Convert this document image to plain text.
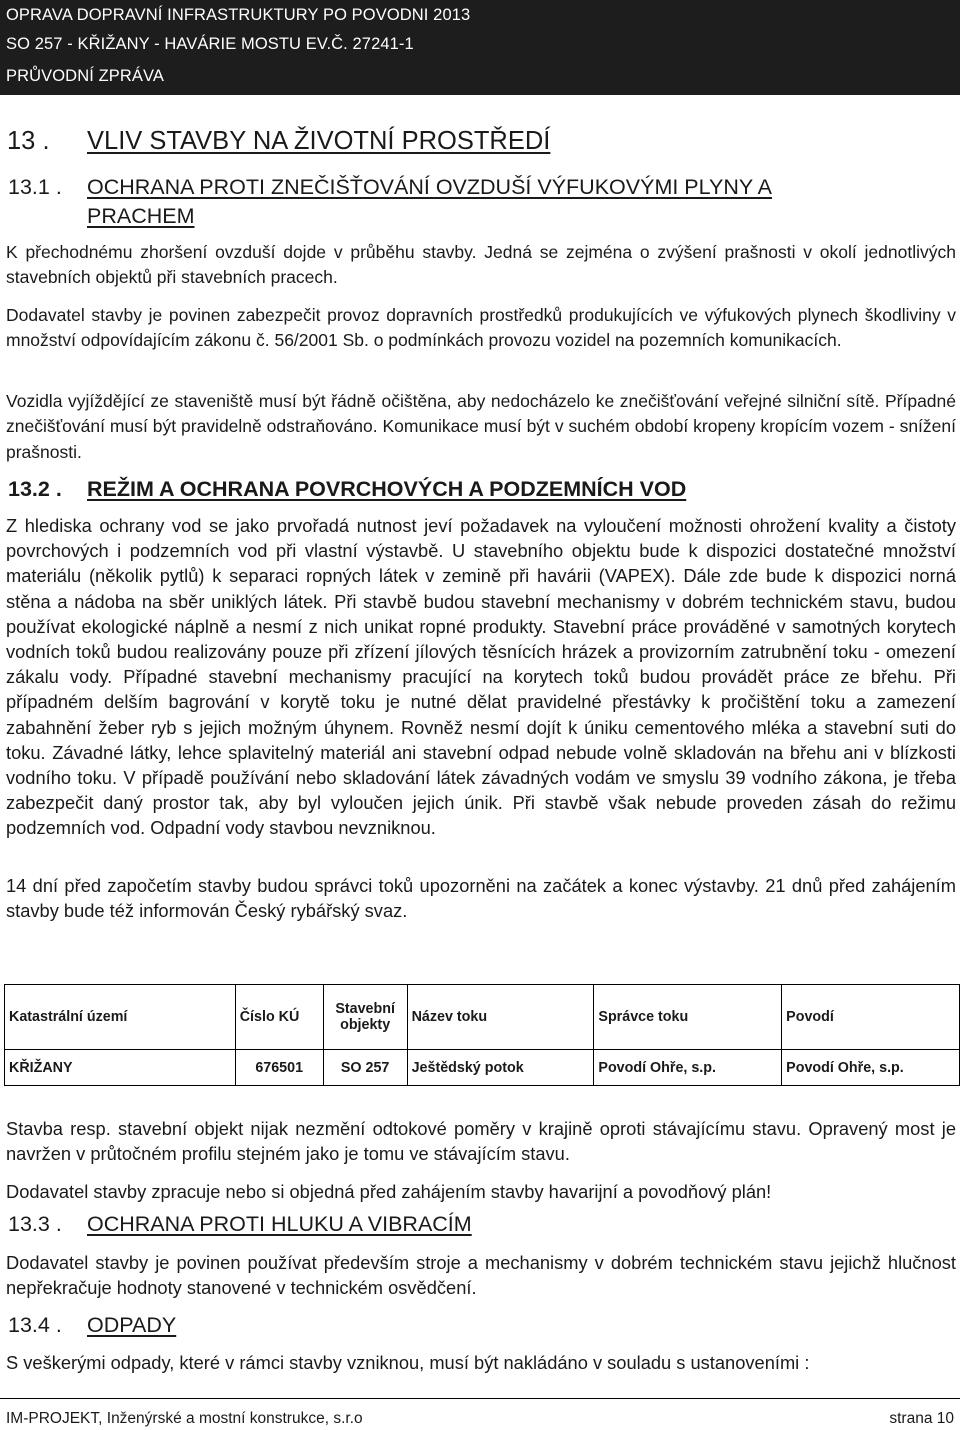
OPRAVA DOPRAVNÍ INFRASTRUKTURY PO POVODNI 2013
SO 257 - KŘIŽANY - HAVÁRIE MOSTU EV.Č. 27241-1
PRŮVODNÍ ZPRÁVA
13 . VLIV STAVBY NA ŽIVOTNÍ PROSTŘEDÍ
13.1 . OCHRANA PROTI ZNEČIŠŤOVÁNÍ OVZDUŠÍ VÝFUKOVÝMI PLYNY A
PRACHEM

K přechodnému zhoršení ovzduší dojde v průběhu stavby. Jedná se zejména o zvýšení prašnosti v okolí jednotlivých stavebních objektů při stavebních pracech.

Dodavatel stavby je povinen zabezpečit provoz dopravních prostředků produkujících ve výfukových plynech škodliviny v množství odpovídajícím zákonu č. 56/2001 Sb. o podmínkách provozu vozidel na pozemních komunikacích.

Vozidla vyjíždějící ze staveniště musí být řádně očištěna, aby nedocházelo ke znečišťování veřejné silniční sítě. Případné znečišťování musí být pravidelně odstraňováno. Komunikace musí být v suchém období kropeny kropícím vozem - snížení prašnosti.

13.2 . REŽIM A OCHRANA POVRCHOVÝCH A PODZEMNÍCH VOD

Z hlediska ochrany vod se jako prvořadá nutnost jeví požadavek na vyloučení možnosti ohrožení kvality a čistoty povrchových i podzemních vod při vlastní výstavbě. U stavebního objektu bude k dispozici dostatečné množství materiálu (několik pytlů) k separaci ropných látek v zemině při havárii (VAPEX). Dále zde bude k dispozici norná stěna a nádoba na sběr uniklých látek. Při stavbě budou stavební mechanismy v dobrém technickém stavu, budou používat ekologické náplně a nesmí z nich unikat ropné produkty. Stavební práce prováděné v samotných korytech vodních toků budou realizovány pouze při zřízení jílových těsnících hrázek a provizorním zatrubnění toku - omezení zákalu vody. Případné stavební mechanismy pracující na korytech toků budou provádět práce ze břehu. Při případném delším bagrování v korytě toku je nutné dělat pravidelné přestávky k pročištění toku a zamezení zabahnění žeber ryb s jejich možným úhynem. Rovněž nesmí dojít k úniku cementového mléka a stavební suti do toku. Závadné látky, lehce splavitelný materiál ani stavební odpad nebude volně skladován na břehu ani v blízkosti vodního toku. V případě používání nebo skladování látek závadných vodám ve smyslu 39 vodního zákona, je třeba zabezpečit daný prostor tak, aby byl vyloučen jejich únik. Při stavbě však nebude proveden zásah do režimu podzemních vod. Odpadní vody stavbou nevzniknou.

14 dní před započetím stavby budou správci toků upozorněni na začátek a konec výstavby. 21 dnů před zahájením stavby bude též informován Český rybářský svaz.

Katastrální území	Číslo KÚ	Stavební objekty	Název toku	Správce toku	Povodí
KŘIŽANY	676501	SO 257	Ještědský potok	Povodí Ohře, s.p.	Povodí Ohře, s.p.

Stavba resp. stavební objekt nijak nezmění odtokové poměry v krajině oproti stávajícímu stavu. Opravený most je navržen v průtočném profilu stejném jako je tomu ve stávajícím stavu.

Dodavatel stavby zpracuje nebo si objedná před zahájením stavby havarijní a povodňový plán!

13.3 . OCHRANA PROTI HLUKU A VIBRACÍM

Dodavatel stavby je povinen používat především stroje a mechanismy v dobrém technickém stavu jejichž hlučnost nepřekračuje hodnoty stanovené v technickém osvědčení.

13.4 . ODPADY

S veškerými odpady, které v rámci stavby vzniknou, musí být nakládáno v souladu s ustanoveními :

IM-PROJEKT, Inženýrské a mostní konstrukce, s.r.o	strana 10
